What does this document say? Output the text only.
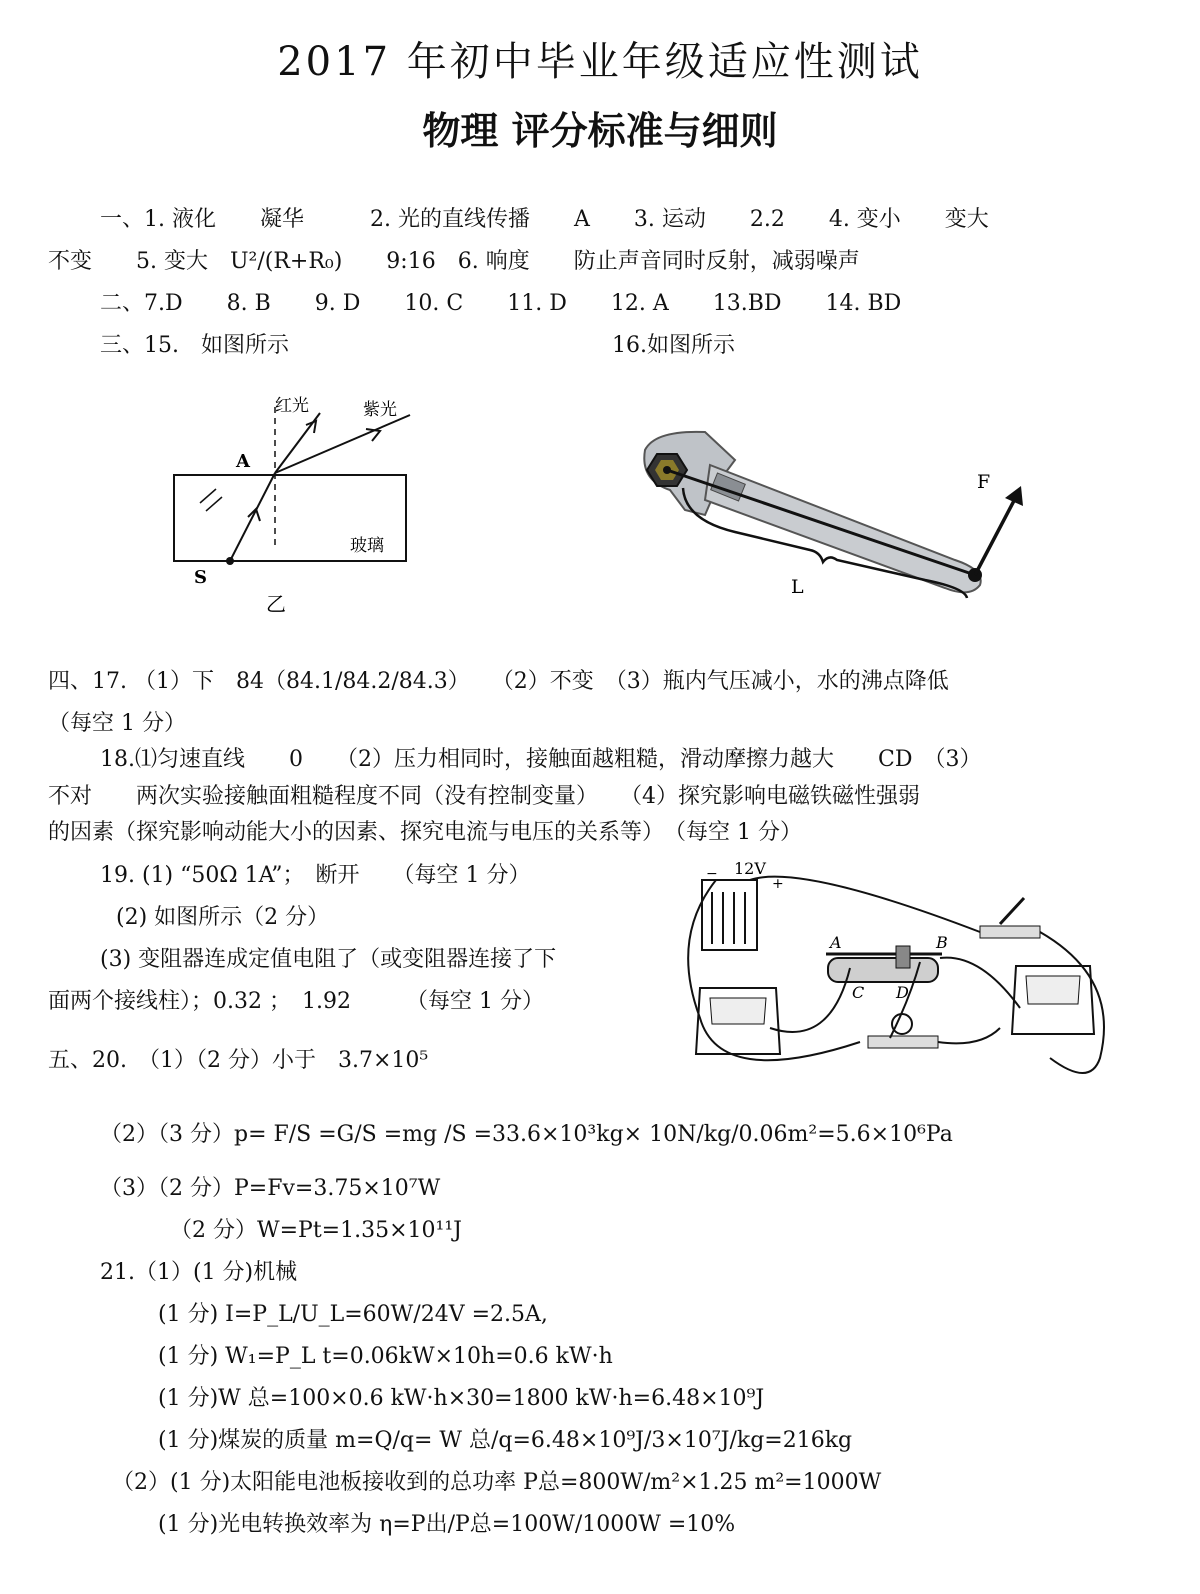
2017 年初中毕业年级适应性测试
物理 评分标准与细则
一、1. 液化　　凝华　　　2. 光的直线传播　　A　　3. 运动　　2.2　　4. 变小　　变大
不变　　5. 变大　U²/(R+R₀)　　9:16　6. 响度　　防止声音同时反射，减弱噪声
二、7.D　　8. B　　9. D　　10. C　　11. D　　12. A　　13.BD　　14. BD
三、15.　如图所示	16.如图所示
红光	紫光
A
玻璃
S
乙
F
L
四、17. （1）下　84（84.1/84.2/84.3）　　（2）不变　（3）瓶内气压减小，水的沸点降低
（每空 1 分）
18.⑴匀速直线　　0　　（2）压力相同时，接触面越粗糙，滑动摩擦力越大　　CD　（3）
不对　　两次实验接触面粗糙程度不同（没有控制变量）　　（4）探究影响电磁铁磁性强弱
的因素（探究影响动能大小的因素、探究电流与电压的关系等）　（每空 1 分）
19. (1) “50Ω 1A”；　断开　　（每空 1 分）
(2) 如图所示（2 分）
(3) 变阻器连成定值电阻了（或变阻器连接了下
面两个接线柱）；0.32 ；　1.92　　　（每空 1 分）
五、20.　（1）（2 分）小于　3.7×10⁵
12V
−
+
A	B
C D
（2）（3 分）p= F/S =G/S =mg /S =33.6×10³kg× 10N/kg/0.06m²=5.6×10⁶Pa
（3）（2 分）P=Fv=3.75×10⁷W
（2 分）W=Pt=1.35×10¹¹J
21.（1）(1 分)机械
(1 分) I=P_L/U_L=60W/24V =2.5A,
(1 分) W₁=P_L t=0.06kW×10h=0.6 kW·h
(1 分)W 总=100×0.6 kW·h×30=1800 kW·h=6.48×10⁹J
(1 分)煤炭的质量 m=Q/q= W 总/q=6.48×10⁹J/3×10⁷J/kg=216kg
（2）(1 分)太阳能电池板接收到的总功率 P总=800W/m²×1.25 m²=1000W
(1 分)光电转换效率为 η=P出/P总=100W/1000W =10%
